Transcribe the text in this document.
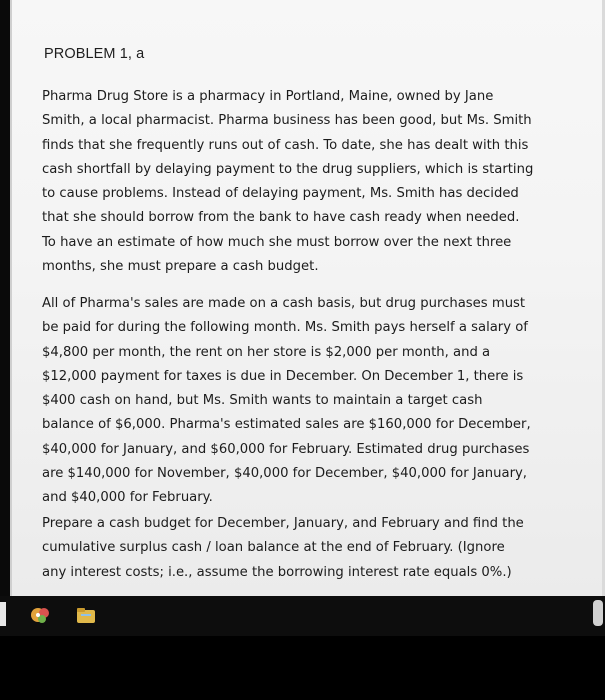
PROBLEM 1, a

Pharma Drug Store is a pharmacy in Portland, Maine, owned by Jane
Smith, a local pharmacist. Pharma business has been good, but Ms. Smith
finds that she frequently runs out of cash. To date, she has dealt with this
cash shortfall by delaying payment to the drug suppliers, which is starting
to cause problems. Instead of delaying payment, Ms. Smith has decided
that she should borrow from the bank to have cash ready when needed.
To have an estimate of how much she must borrow over the next three
months, she must prepare a cash budget.

All of Pharma's sales are made on a cash basis, but drug purchases must
be paid for during the following month. Ms. Smith pays herself a salary of
$4,800 per month, the rent on her store is $2,000 per month, and a
$12,000 payment for taxes is due in December. On December 1, there is
$400 cash on hand, but Ms. Smith wants to maintain a target cash
balance of $6,000. Pharma's estimated sales are $160,000 for December,
$40,000 for January, and $60,000 for February. Estimated drug purchases
are $140,000 for November, $40,000 for December, $40,000 for January,
and $40,000 for February.

Prepare a cash budget for December, January, and February and find the
cumulative surplus cash / loan balance at the end of February. (Ignore
any interest costs; i.e., assume the borrowing interest rate equals 0%.)
